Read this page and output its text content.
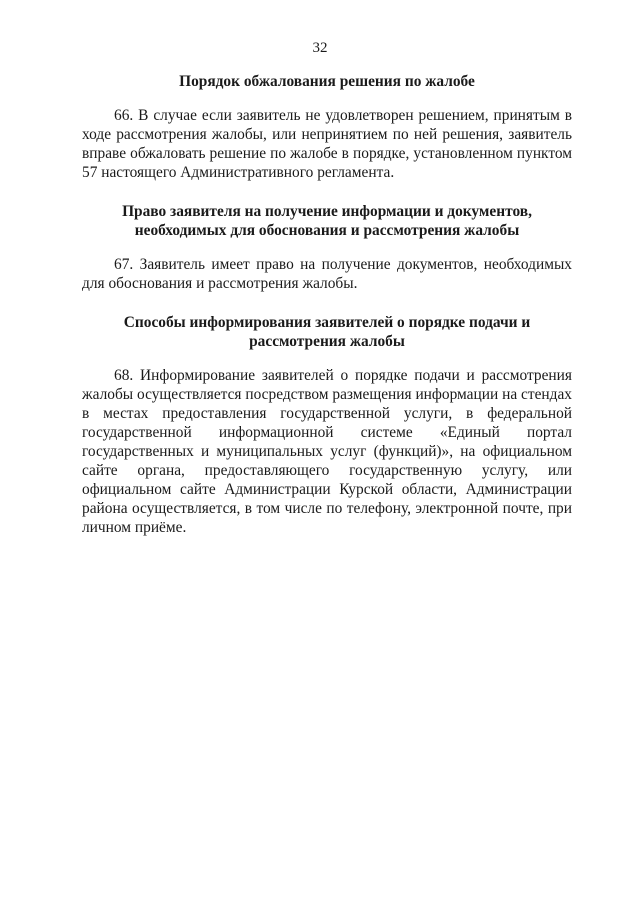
32
Порядок обжалования решения по жалобе

66. В случае если заявитель не удовлетворен решением, принятым в ходе рассмотрения жалобы, или непринятием по ней решения, заявитель вправе обжаловать решение по жалобе в порядке, установленном пунктом 57 настоящего Административного регламента.

Право заявителя на получение информации и документов, необходимых для обоснования и рассмотрения жалобы

67. Заявитель имеет право на получение документов, необходимых для обоснования и рассмотрения жалобы.

Способы информирования заявителей о порядке подачи и рассмотрения жалобы

68. Информирование заявителей о порядке подачи и рассмотрения жалобы осуществляется посредством размещения информации на стендах в местах предоставления государственной услуги, в федеральной государственной информационной системе «Единый портал государственных и муниципальных услуг (функций)», на официальном сайте органа, предоставляющего государственную услугу, или официальном сайте Администрации Курской области, Администрации района осуществляется, в том числе по телефону, электронной почте, при личном приёме.
